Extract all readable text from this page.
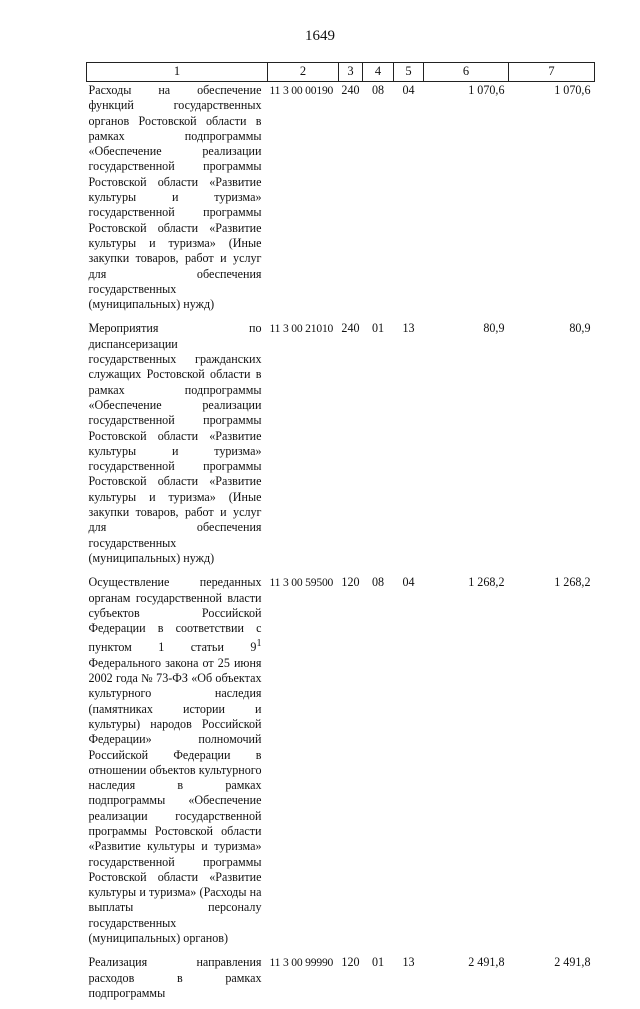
1649
1	2	3	4	5	6	7
Расходы на обеспечение функций государственных органов Ростовской области в рамках подпрограммы «Обеспечение реализации государственной программы Ростовской области «Развитие культуры и туризма» государственной программы Ростовской области «Развитие культуры и туризма» (Иные закупки товаров, работ и услуг для обеспечения государственных (муниципальных) нужд)	11 3 00 00190	240	08	04	1 070,6	1 070,6
Мероприятия по диспансеризации государственных гражданских служащих Ростовской области в рамках подпрограммы «Обеспечение реализации государственной программы Ростовской области «Развитие культуры и туризма» государственной программы Ростовской области «Развитие культуры и туризма» (Иные закупки товаров, работ и услуг для обеспечения государственных (муниципальных) нужд)	11 3 00 21010	240	01	13	80,9	80,9
Осуществление переданных органам государственной власти субъектов Российской Федерации в соответствии с пунктом 1 статьи $9^1$ Федерального закона от 25 июня 2002 года № 73-ФЗ «Об объектах культурного наследия (памятниках истории и культуры) народов Российской Федерации» полномочий Российской Федерации в отношении объектов культурного наследия в рамках подпрограммы «Обеспечение реализации государственной программы Ростовской области «Развитие культуры и туризма» государственной программы Ростовской области «Развитие культуры и туризма» (Расходы на выплаты персоналу государственных (муниципальных) органов)	11 3 00 59500	120	08	04	1 268,2	1 268,2
Реализация направления расходов в рамках подпрограммы	11 3 00 99990	120	01	13	2 491,8	2 491,8
